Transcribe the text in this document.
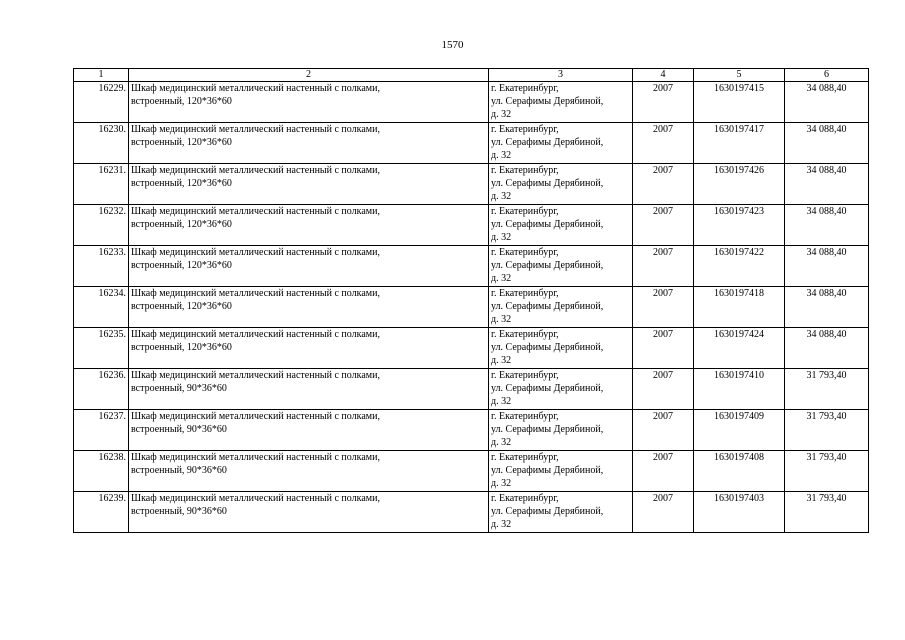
1570
1	2	3	4	5	6
16229.	Шкаф медицинский металлический настенный с полками,
встроенный, 120*36*60	г. Екатеринбург,
ул. Серафимы Дерябиной,
д. 32	2007	1630197415	34 088,40
16230.	Шкаф медицинский металлический настенный с полками,
встроенный, 120*36*60	г. Екатеринбург,
ул. Серафимы Дерябиной,
д. 32	2007	1630197417	34 088,40
16231.	Шкаф медицинский металлический настенный с полками,
встроенный, 120*36*60	г. Екатеринбург,
ул. Серафимы Дерябиной,
д. 32	2007	1630197426	34 088,40
16232.	Шкаф медицинский металлический настенный с полками,
встроенный, 120*36*60	г. Екатеринбург,
ул. Серафимы Дерябиной,
д. 32	2007	1630197423	34 088,40
16233.	Шкаф медицинский металлический настенный с полками,
встроенный, 120*36*60	г. Екатеринбург,
ул. Серафимы Дерябиной,
д. 32	2007	1630197422	34 088,40
16234.	Шкаф медицинский металлический настенный с полками,
встроенный, 120*36*60	г. Екатеринбург,
ул. Серафимы Дерябиной,
д. 32	2007	1630197418	34 088,40
16235.	Шкаф медицинский металлический настенный с полками,
встроенный, 120*36*60	г. Екатеринбург,
ул. Серафимы Дерябиной,
д. 32	2007	1630197424	34 088,40
16236.	Шкаф медицинский металлический настенный с полками,
встроенный, 90*36*60	г. Екатеринбург,
ул. Серафимы Дерябиной,
д. 32	2007	1630197410	31 793,40
16237.	Шкаф медицинский металлический настенный с полками,
встроенный, 90*36*60	г. Екатеринбург,
ул. Серафимы Дерябиной,
д. 32	2007	1630197409	31 793,40
16238.	Шкаф медицинский металлический настенный с полками,
встроенный, 90*36*60	г. Екатеринбург,
ул. Серафимы Дерябиной,
д. 32	2007	1630197408	31 793,40
16239.	Шкаф медицинский металлический настенный с полками,
встроенный, 90*36*60	г. Екатеринбург,
ул. Серафимы Дерябиной,
д. 32	2007	1630197403	31 793,40
